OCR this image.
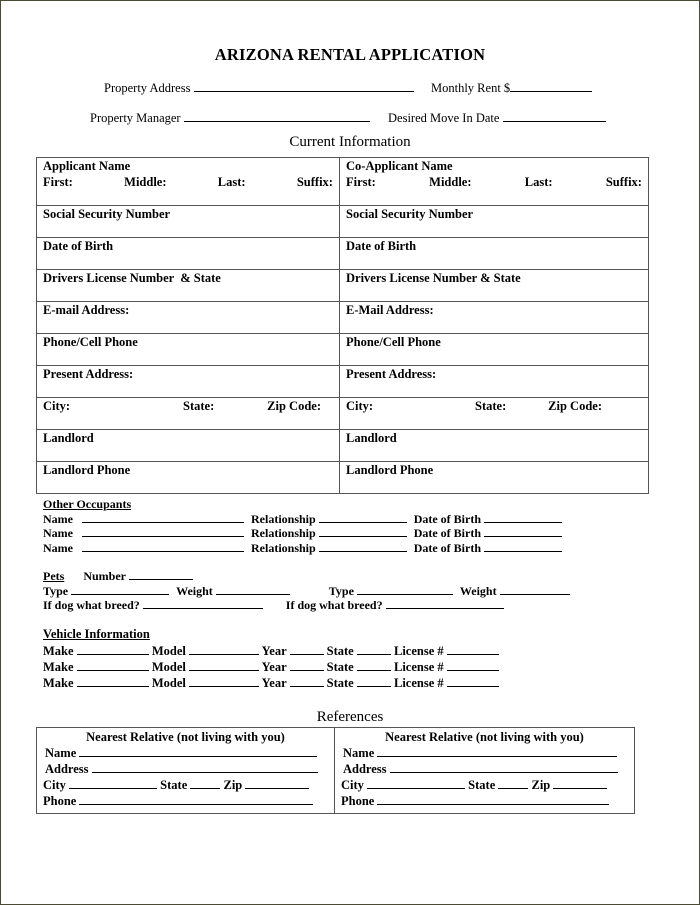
ARIZONA RENTAL APPLICATION
Property Address	Monthly Rent $
Property Manager	Desired Move In Date
Current Information
Applicant Name	Co-Applicant Name

First: Middle: Last: Suffix:	First: Middle: Last: Suffix:

Social Security Number	Social Security Number
Date of Birth	Date of Birth
Drivers License Number  & State	Drivers License Number & State
E-mail Address:	E-Mail Address:
Phone/Cell Phone	Phone/Cell Phone
Present Address:	Present Address:

City: State: Zip Code:	City: State: Zip Code:

Landlord	Landlord
Landlord Phone	Landlord Phone
Other Occupants
Name	Relationship	Date of Birth
Name	Relationship	Date of Birth
Name	Relationship	Date of Birth
Pets Number
Type	Weight	Type	Weight
If dog what breed?	If dog what breed?
Vehicle Information
Make	Model	Year	State	License #
Make	Model	Year	State	License #
Make	Model	Year	State	License #
References
Nearest Relative (not living with you)
Name
Address
City	State	Zip
Phone

Nearest Relative (not living with you)
Name
Address
City	State	Zip
Phone
